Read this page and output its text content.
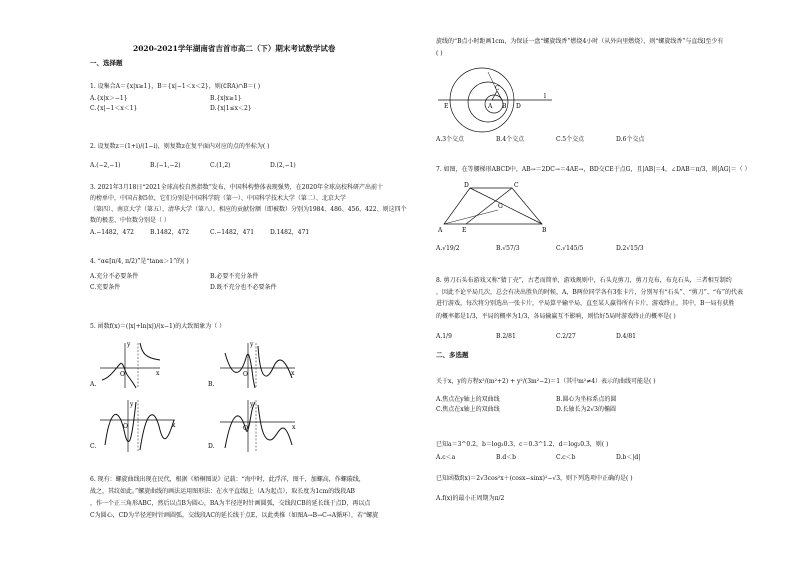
2020-2021学年湖南省吉首市高二（下）期末考试数学试卷
一、选择题
1. 设集合A＝{x|x≥1}，B＝{x|−1＜x＜2}，则(∁RA)∩B＝( )
A.{x|x＞−1}	B.{x|x≥1}
C.{x|−1＜x＜1}	D.{x|1≤x＜2}
2. 设复数z＝(1+i)/(1−i)，则复数z在复平面内对应的点的坐标为( )
A.(−2,−1)	B.(−1,−2)	C.(1,2)	D.(2,−1)
3. 2021年3月18日“2021全球高校自然指数”发布，中国科构整体表现强势，在2020年全球高校科研产出前十
的榜单中，中国占据5位，它们分别是中国科学院（第一）、中国科学技术大学（第二）、北京大学
（第四）、南京大学（第五）、清华大学（第八），相应的贡献份额（即被数）分别为1984、486、456、422、则这四个
数的极差、中位数分别是（ ）
A.−1482，472	B.1482，472	C.−1482，471	D.1482，471
4. “α∈[π/4, π/2)”是“tanα＞1”的( )
A.充分不必要条件	B.必要不充分条件
C.充要条件	D.既不充分也不必要条件
5. 函数f(x)＝(|x|+ln|x|)/(x−1)的大致图象为（ ）
O
y
x
A.
O
y
x
B.
O
y
x
C.
O
y
x
D.
6. 现有：螺旋曲线出现在民代，根据《梧桐图说》记载：“海中时，此浮洋，图千，加螺高，作螺璇线，
战之，其纹如此。”螺旋曲线的画法运用图形法：在水平直线l上（A为起点），取长度为1cm的线段AB
，作一个正三角形ABC，然后以点B为圆心，BA为半径逆时针画圆弧，交线段CB的延长线于点D，再以点
C为圆心，CD为半径逆时针画圆弧，交线段AC的延长线于点E，以此类推（如图A→B→C→A循环），若“螺旋
旋线的“B点小时距画1cm，为保证一盘“螺旋线香”燃烧4小时（从外向里燃烧），则“螺旋线香”与直线l至少有
( )
E	A B
C
D
l
A.3个交点	B.4个交点	C.5个交点	D.6个交点
7. 如图，在等腰梯形ABCD中，AB→＝2DC→＝4AE→，BD交CE于点G，且|AB|＝4，∠DAB＝π/3，则|AG|＝（ ）
A	E	B
C
D
G
A.√19/2	B.√57/3	C.√145/5	D.2√15/3
8. 剪刀石头布游戏又称“猜丁壳”，古老而简单，游戏规则中，石头克剪刀，剪刀克布，布克石头，三者相互制约
，因此不论平局几次，总会有决出胜负的时候，A，B两位同学各有3张卡片，分别写有“石头”、“剪刀”、“布”的代表
进行游戏，每次将分别选出一张卡片，平局算平输平局，直至某人赢得所有卡片，游戏终止，其中，B一局有获胜
的概率都是1/3，平局的概率为1/3，各局输赢互不影响，则恰好5局时游戏终止的概率是( )
A.1/9	B.2/81	C.2/27	D.4/81
二、多选题
关于x，y的方程x²/(m²+2) + y²/(3m²−2)＝1（其中m²≠4）表示的曲线可能是( )
A.焦点在y轴上的双曲线	B.圆心为坐标系点的圆
C.焦点在x轴上的双曲线	D.长轴长为2√3的椭圆
已知a＝3^0.2，b＝log₃0.3，c＝0.3^1.2，d＝log₂0.3，则( )
A.c＜a	B.d＜b	C.c＜b	D.b＜|d|
已知函数f(x)＝2√3cos²x＋(cosx−sinx)²−√3，则下列选项中正确的是( )
A.f(x)的最小正周期为π/2
